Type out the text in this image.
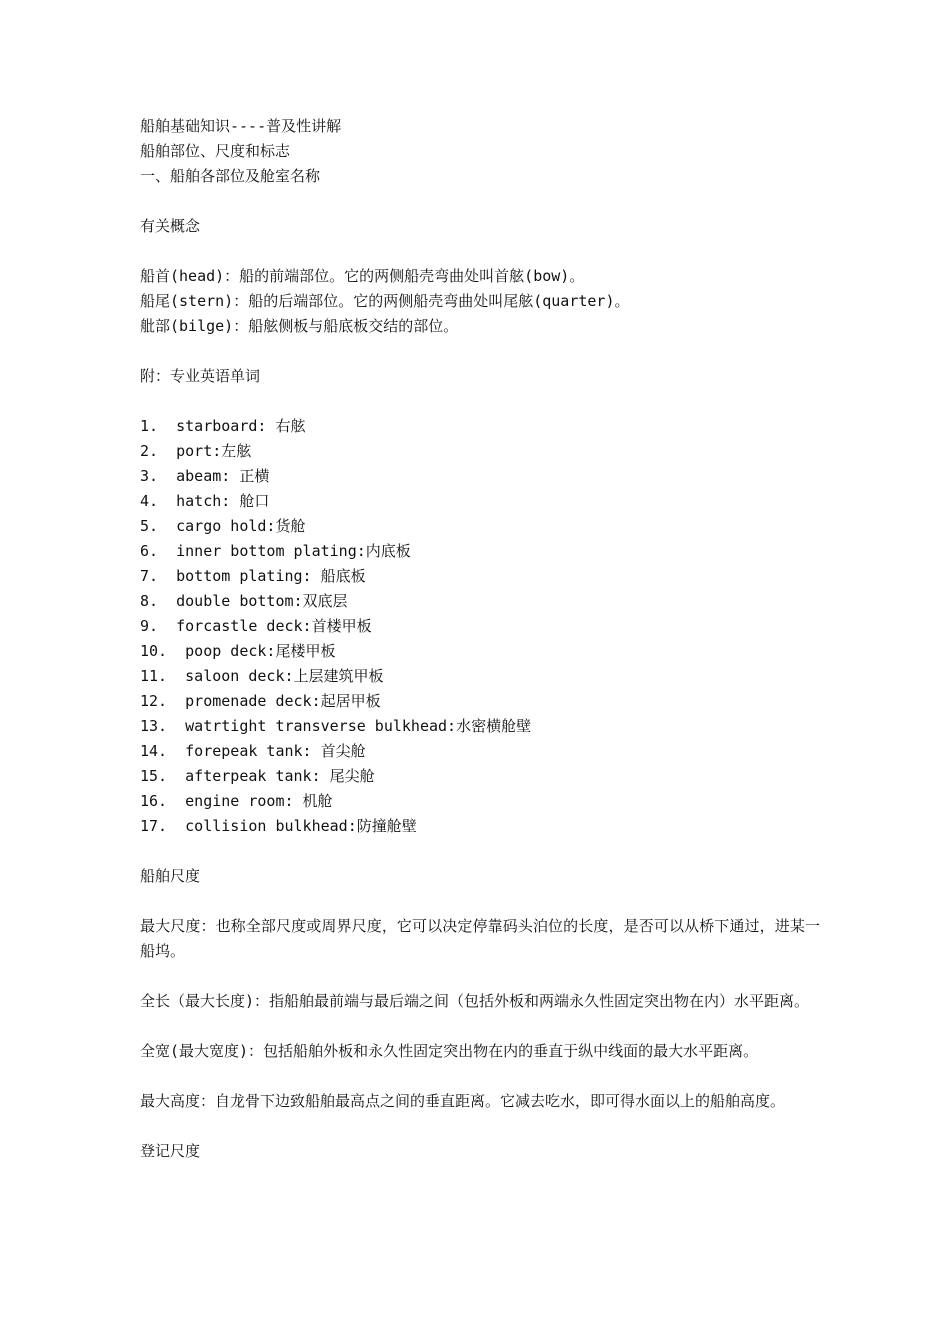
船舶基础知识----普及性讲解
船舶部位、尺度和标志
一、船舶各部位及舱室名称
有关概念
船首(head)：船的前端部位。它的两侧船壳弯曲处叫首舷(bow)。
船尾(stern)：船的后端部位。它的两侧船壳弯曲处叫尾舷(quarter)。
舭部(bilge)：船舷侧板与船底板交结的部位。
附：专业英语单词
1.  starboard: 右舷
2.  port:左舷
3.  abeam: 正横
4.  hatch: 舱口
5.  cargo hold:货舱
6.  inner bottom plating:内底板
7.  bottom plating: 船底板
8.  double bottom:双底层
9.  forcastle deck:首楼甲板
10.  poop deck:尾楼甲板
11.  saloon deck:上层建筑甲板
12.  promenade deck:起居甲板
13.  watrtight transverse bulkhead:水密横舱壁
14.  forepeak tank: 首尖舱
15.  afterpeak tank: 尾尖舱
16.  engine room: 机舱
17.  collision bulkhead:防撞舱壁
船舶尺度
最大尺度：也称全部尺度或周界尺度，它可以决定停靠码头泊位的长度，是否可以从桥下通过，进某一船坞。
全长（最大长度)：指船舶最前端与最后端之间（包括外板和两端永久性固定突出物在内）水平距离。
全宽(最大宽度)：包括船舶外板和永久性固定突出物在内的垂直于纵中线面的最大水平距离。
最大高度：自龙骨下边致船舶最高点之间的垂直距离。它减去吃水，即可得水面以上的船舶高度。
登记尺度
